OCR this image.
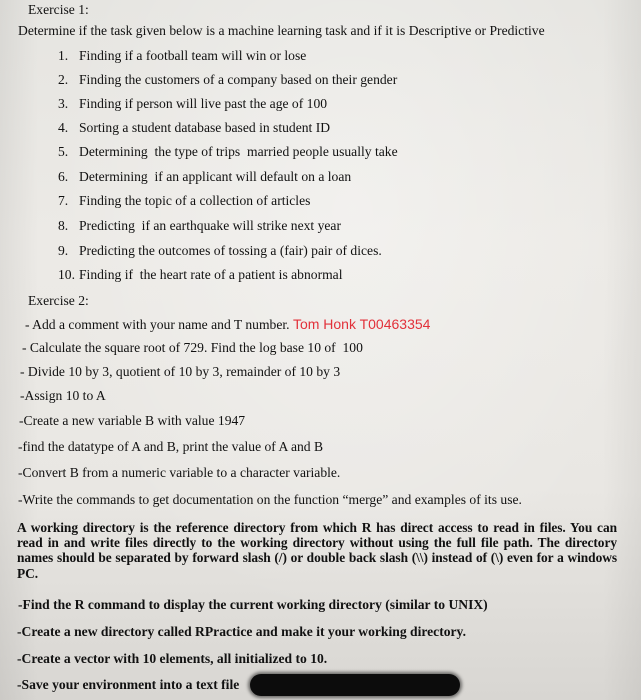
Exercise 1:
Determine if the task given below is a machine learning task and if it is Descriptive or Predictive
1. Finding if a football team will win or lose
2. Finding the customers of a company based on their gender
3. Finding if person will live past the age of 100
4. Sorting a student database based in student ID
5. Determining  the type of trips  married people usually take
6. Determining  if an applicant will default on a loan
7. Finding the topic of a collection of articles
8. Predicting  if an earthquake will strike next year
9. Predicting the outcomes of tossing a (fair) pair of dices.
10. Finding if  the heart rate of a patient is abnormal
Exercise 2:
- Add a comment with your name and T number. Tom Honk T00463354
- Calculate the square root of 729. Find the log base 10 of  100
- Divide 10 by 3, quotient of 10 by 3, remainder of 10 by 3
-Assign 10 to A
-Create a new variable B with value 1947
-find the datatype of A and B, print the value of A and B
-Convert B from a numeric variable to a character variable.
-Write the commands to get documentation on the function “merge” and examples of its use.
A working directory is the reference directory from which R has direct access to read in files. You can read in and write files directly to the working directory without using the full file path. The directory names should be separated by forward slash (/) or double back slash (\\) instead of (\) even for a windows PC.
-Find the R command to display the current working directory (similar to UNIX)
-Create a new directory called RPractice and make it your working directory.
-Create a vector with 10 elements, all initialized to 10.
-Save your environment into a text file
